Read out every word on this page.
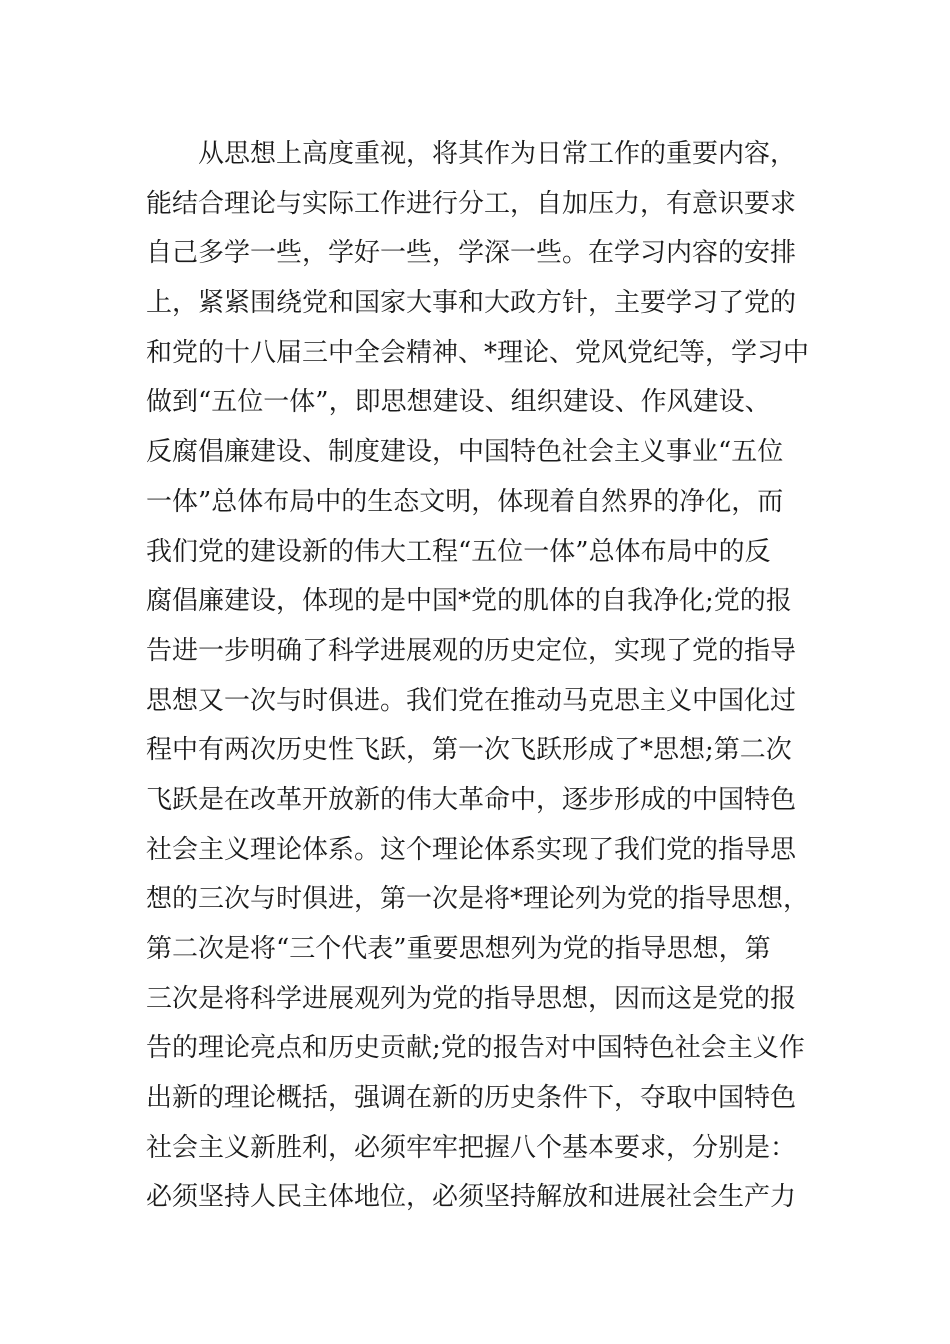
从思想上高度重视，将其作为日常工作的重要内容，
能结合理论与实际工作进行分工，自加压力，有意识要求
自己多学一些，学好一些，学深一些。在学习内容的安排
上，紧紧围绕党和国家大事和大政方针，主要学习了党的
和党的十八届三中全会精神、*理论、党风党纪等，学习中
做到“五位一体”，即思想建设、组织建设、作风建设、
反腐倡廉建设、制度建设，中国特色社会主义事业“五位
一体”总体布局中的生态文明，体现着自然界的净化，而
我们党的建设新的伟大工程“五位一体”总体布局中的反
腐倡廉建设，体现的是中国*党的肌体的自我净化;党的报
告进一步明确了科学进展观的历史定位，实现了党的指导
思想又一次与时俱进。我们党在推动马克思主义中国化过
程中有两次历史性飞跃，第一次飞跃形成了*思想;第二次
飞跃是在改革开放新的伟大革命中，逐步形成的中国特色
社会主义理论体系。这个理论体系实现了我们党的指导思
想的三次与时俱进，第一次是将*理论列为党的指导思想，
第二次是将“三个代表”重要思想列为党的指导思想，第
三次是将科学进展观列为党的指导思想，因而这是党的报
告的理论亮点和历史贡献;党的报告对中国特色社会主义作
出新的理论概括，强调在新的历史条件下，夺取中国特色
社会主义新胜利，必须牢牢把握八个基本要求，分别是：
必须坚持人民主体地位，必须坚持解放和进展社会生产力
